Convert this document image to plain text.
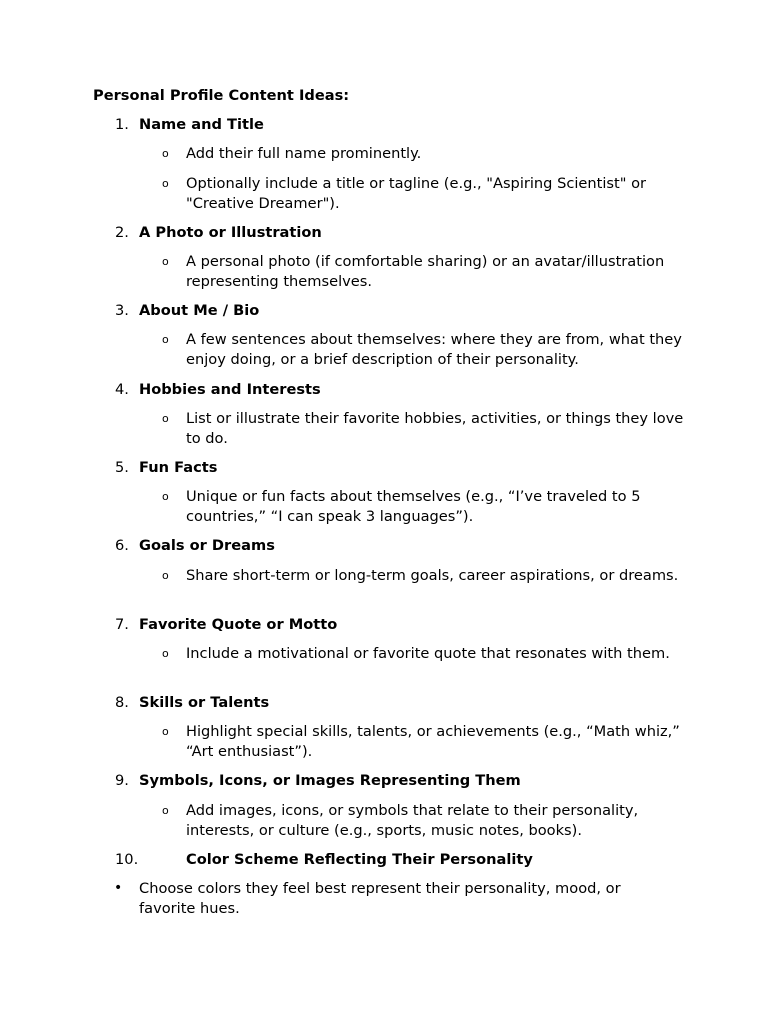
Personal Profile Content Ideas:
1. Name and Title
o Add their full name prominently.
o Optionally include a title or tagline (e.g., "Aspiring Scientist" or "Creative Dreamer").
2. A Photo or Illustration
o A personal photo (if comfortable sharing) or an avatar/illustration representing themselves.
3. About Me / Bio
o A few sentences about themselves: where they are from, what they enjoy doing, or a brief description of their personality.
4. Hobbies and Interests
o List or illustrate their favorite hobbies, activities, or things they love to do.
5. Fun Facts
o Unique or fun facts about themselves (e.g., “I’ve traveled to 5 countries,” “I can speak 3 languages”).
6. Goals or Dreams
o Share short-term or long-term goals, career aspirations, or dreams.
7. Favorite Quote or Motto
o Include a motivational or favorite quote that resonates with them.
8. Skills or Talents
o Highlight special skills, talents, or achievements (e.g., “Math whiz,” “Art enthusiast”).
9. Symbols, Icons, or Images Representing Them
o Add images, icons, or symbols that relate to their personality, interests, or culture (e.g., sports, music notes, books).
10.	Color Scheme Reflecting Their Personality
• Choose colors they feel best represent their personality, mood, or favorite hues.
